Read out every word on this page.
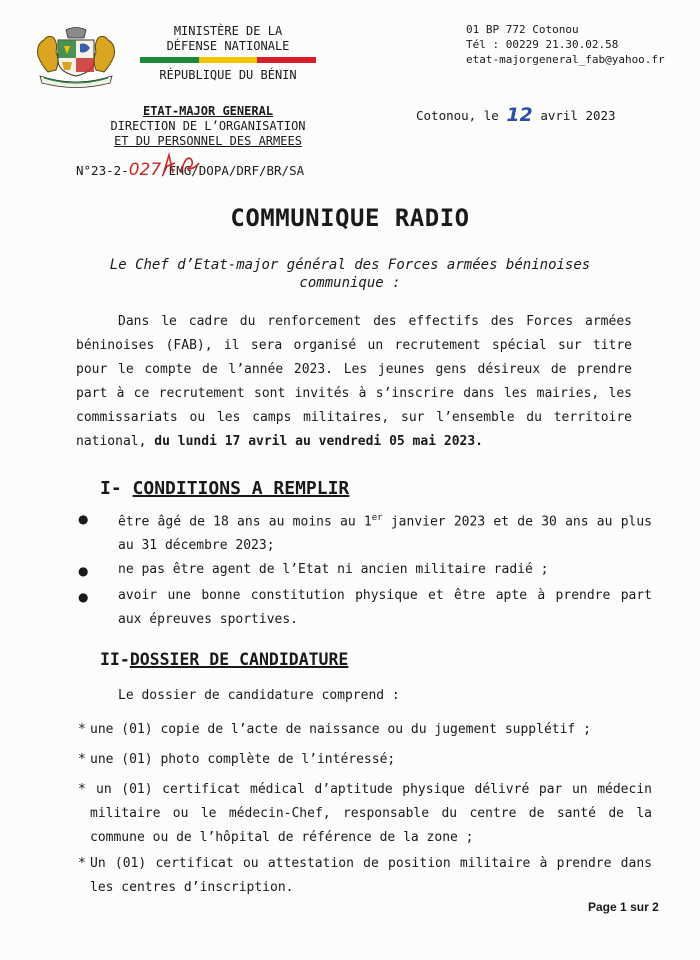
MINISTÈRE DE LA
DÉFENSE NATIONALE
RÉPUBLIQUE DU BÉNIN
01 BP 772 Cotonou
Tél : 00229 21.30.02.58
etat-majorgeneral_fab@yahoo.fr
ETAT-MAJOR GENERAL
DIRECTION DE L’ORGANISATION
ET DU PERSONNEL DES ARMEES
Cotonou, le 12 avril 2023
N°23-2-027
/EMG/DOPA/DRF/BR/SA
COMMUNIQUE RADIO
Le Chef d’Etat-major général des Forces armées béninoises communique :
Dans le cadre du renforcement des effectifs des Forces armées béninoises (FAB), il sera organisé un recrutement spécial sur titre pour le compte de l’année 2023. Les jeunes gens désireux de prendre part à ce recrutement sont invités à s’inscrire dans les mairies, les commissariats ou les camps militaires, sur l’ensemble du territoire national, du lundi 17 avril au vendredi 05 mai 2023.
I- CONDITIONS A REMPLIR
● être âgé de 18 ans au moins au 1er janvier 2023 et de 30 ans au plus au 31 décembre 2023;
● ne pas être agent de l’Etat ni ancien militaire radié ;
● avoir une bonne constitution physique et être apte à prendre part aux épreuves sportives.
II-DOSSIER DE CANDIDATURE
Le dossier de candidature comprend :
* une (01) copie de l’acte de naissance ou du jugement supplétif ;
* une (01) photo complète de l’intéressé;
* un (01) certificat médical d’aptitude physique délivré par un médecin militaire ou le médecin-Chef, responsable du centre de santé de la commune ou de l’hôpital de référence de la zone ;
* Un (01) certificat ou attestation de position militaire à prendre dans les centres d’inscription.
Page 1 sur 2
